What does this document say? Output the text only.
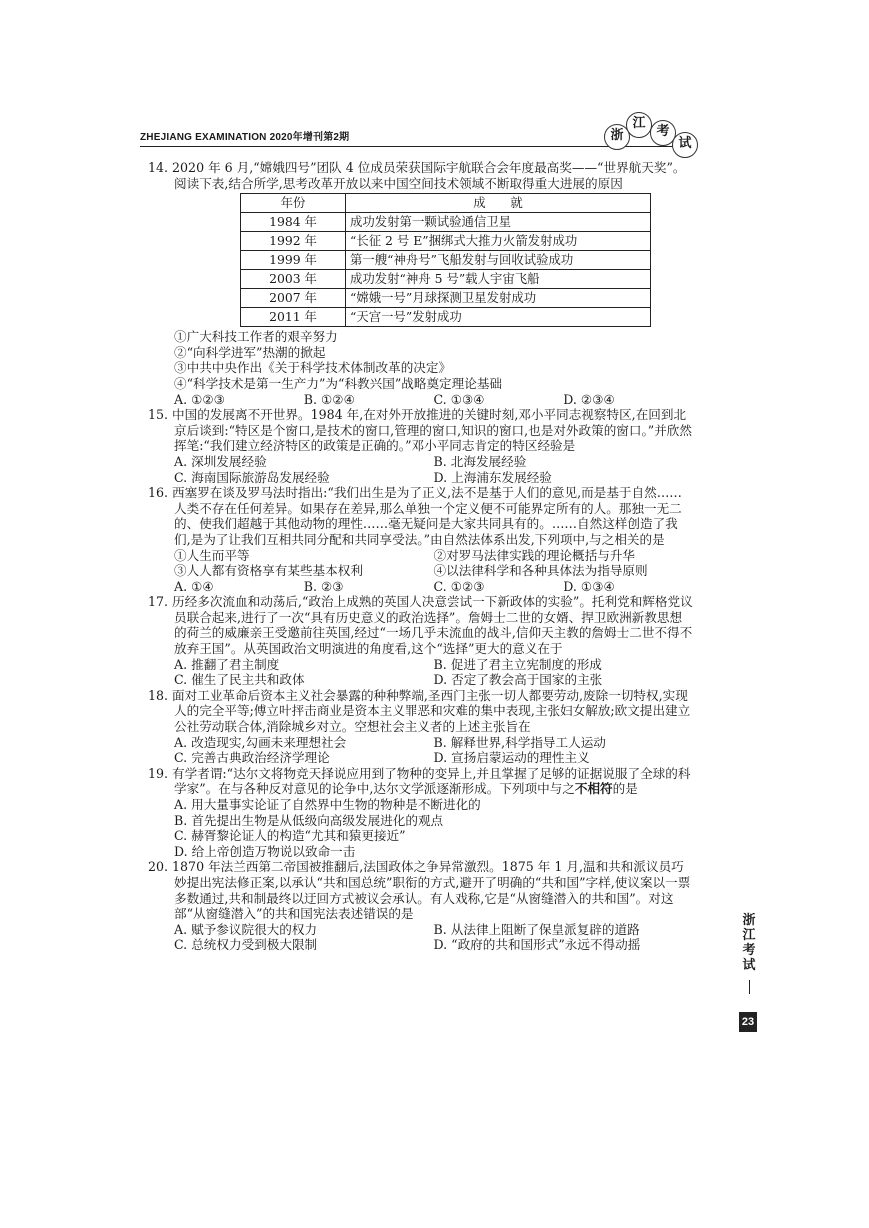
ZHEJIANG EXAMINATION 2020年增刊第2期	浙
江
考
试
14. 2020 年 6 月,“嫦娥四号”团队 4 位成员荣获国际宇航联合会年度最高奖——“世界航天奖”。阅读下表,结合所学,思考改革开放以来中国空间技术领域不断取得重大进展的原因
年份	成　　就
1984 年	成功发射第一颗试验通信卫星
1992 年	“长征 2 号 E”捆绑式大推力火箭发射成功
1999 年	第一艘“神舟号”飞船发射与回收试验成功
2003 年	成功发射“神舟 5 号”载人宇宙飞船
2007 年	“嫦娥一号”月球探测卫星发射成功
2011 年	“天宫一号”发射成功
①广大科技工作者的艰辛努力
②“向科学进军”热潮的掀起
③中共中央作出《关于科学技术体制改革的决定》
④“科学技术是第一生产力”为“科教兴国”战略奠定理论基础
A. ①②③	B. ①②④	C. ①③④	D. ②③④
15. 中国的发展离不开世界。1984 年,在对外开放推进的关键时刻,邓小平同志视察特区,在回到北京后谈到:“特区是个窗口,是技术的窗口,管理的窗口,知识的窗口,也是对外政策的窗口。”并欣然挥笔:“我们建立经济特区的政策是正确的。”邓小平同志肯定的特区经验是
A. 深圳发展经验	B. 北海发展经验
C. 海南国际旅游岛发展经验	D. 上海浦东发展经验
16. 西塞罗在谈及罗马法时指出:“我们出生是为了正义,法不是基于人们的意见,而是基于自然……人类不存在任何差异。如果存在差异,那么单独一个定义便不可能界定所有的人。那独一无二的、使我们超越于其他动物的理性……毫无疑问是大家共同具有的。……自然这样创造了我们,是为了让我们互相共同分配和共同享受法。”由自然法体系出发,下列项中,与之相关的是
①人生而平等	②对罗马法律实践的理论概括与升华
③人人都有资格享有某些基本权利	④以法律科学和各种具体法为指导原则
A. ①④	B. ②③	C. ①②③	D. ①③④
17. 历经多次流血和动荡后,“政治上成熟的英国人决意尝试一下新政体的实验”。托利党和辉格党议员联合起来,进行了一次“具有历史意义的政治选择”。詹姆士二世的女婿、捍卫欧洲新教思想的荷兰的威廉亲王受邀前往英国,经过“一场几乎未流血的战斗,信仰天主教的詹姆士二世不得不放弃王国”。从英国政治文明演进的角度看,这个“选择”更大的意义在于
A. 推翻了君主制度	B. 促进了君主立宪制度的形成
C. 催生了民主共和政体	D. 否定了教会高于国家的主张
18. 面对工业革命后资本主义社会暴露的种种弊端,圣西门主张一切人都要劳动,废除一切特权,实现人的完全平等;傅立叶抨击商业是资本主义罪恶和灾难的集中表现,主张妇女解放;欧文提出建立公社劳动联合体,消除城乡对立。空想社会主义者的上述主张旨在
A. 改造现实,勾画未来理想社会	B. 解释世界,科学指导工人运动
C. 完善古典政治经济学理论	D. 宣扬启蒙运动的理性主义
19. 有学者谓:“达尔文将物竞天择说应用到了物种的变异上,并且掌握了足够的证据说服了全球的科学家”。在与各种反对意见的论争中,达尔文学派逐渐形成。下列项中与之不相符的是
A. 用大量事实论证了自然界中生物的物种是不断进化的
B. 首先提出生物是从低级向高级发展进化的观点
C. 赫胥黎论证人的构造“尤其和猿更接近”
D. 给上帝创造万物说以致命一击
20. 1870 年法兰西第二帝国被推翻后,法国政体之争异常激烈。1875 年 1 月,温和共和派议员巧妙提出宪法修正案,以承认“共和国总统”职衔的方式,避开了明确的“共和国”字样,使议案以一票多数通过,共和制最终以迂回方式被议会承认。有人戏称,它是“从窗缝潜入的共和国”。对这部“从窗缝潜入”的共和国宪法表述错误的是
A. 赋予参议院很大的权力	B. 从法律上阻断了保皇派复辟的道路
C. 总统权力受到极大限制	D. “政府的共和国形式”永远不得动摇
浙
江
考
试
23
